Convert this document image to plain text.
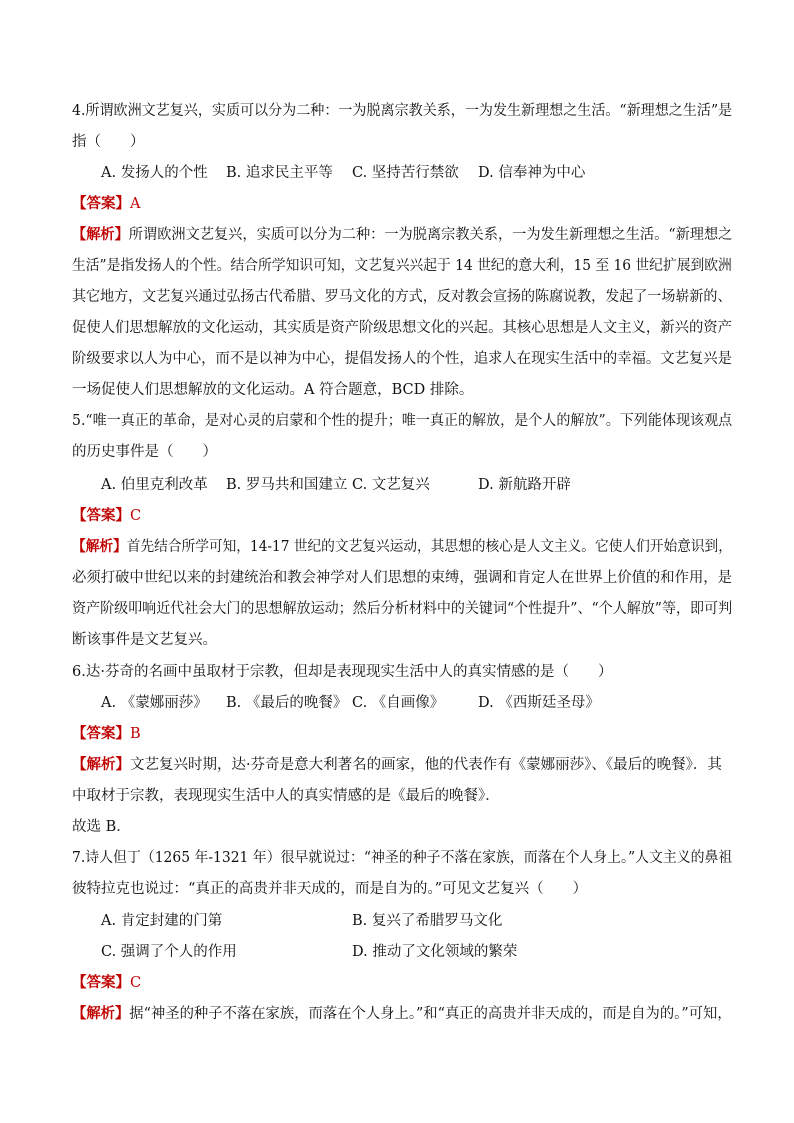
4.所谓欧洲文艺复兴，实质可以分为二种：一为脱离宗教关系，一为发生新理想之生活。“新理想之生活”是
指（　　）
A. 发扬人的个性 B. 追求民主平等 C. 坚持苦行禁欲 D. 信奉神为中心
【答案】A
【解析】所谓欧洲文艺复兴，实质可以分为二种：一为脱离宗教关系，一为发生新理想之生活。“新理想之
生活”是指发扬人的个性。结合所学知识可知，文艺复兴兴起于 14 世纪的意大利，15 至 16 世纪扩展到欧洲
其它地方，文艺复兴通过弘扬古代希腊、罗马文化的方式，反对教会宣扬的陈腐说教，发起了一场崭新的、
促使人们思想解放的文化运动，其实质是资产阶级思想文化的兴起。其核心思想是人文主义，新兴的资产
阶级要求以人为中心，而不是以神为中心，提倡发扬人的个性，追求人在现实生活中的幸福。文艺复兴是
一场促使人们思想解放的文化运动。A 符合题意，BCD 排除。
5.“唯一真正的革命，是对心灵的启蒙和个性的提升；唯一真正的解放，是个人的解放”。下列能体现该观点
的历史事件是（　　）
A. 伯里克利改革 B. 罗马共和国建立 C. 文艺复兴	D. 新航路开辟
【答案】C
【解析】首先结合所学可知，14-17 世纪的文艺复兴运动，其思想的核心是人文主义。它使人们开始意识到，
必须打破中世纪以来的封建统治和教会神学对人们思想的束缚，强调和肯定人在世界上价值的和作用，是
资产阶级叩响近代社会大门的思想解放运动；然后分析材料中的关键词“个性提升”、“个人解放”等，即可判
断该事件是文艺复兴。
6.达·芬奇的名画中虽取材于宗教，但却是表现现实生活中人的真实情感的是（　　）
A. 《蒙娜丽莎》 B. 《最后的晚餐》 C. 《自画像》 D. 《西斯廷圣母》
【答案】B
【解析】文艺复兴时期，达·芬奇是意大利著名的画家，他的代表作有《蒙娜丽莎》、《最后的晚餐》．其
中取材于宗教，表现现实生活中人的真实情感的是《最后的晚餐》．
故选 B．
7.诗人但丁（1265 年-1321 年）很早就说过：“神圣的种子不落在家族，而落在个人身上。”人文主义的鼻祖
彼特拉克也说过：“真正的高贵并非天成的，而是自为的。”可见文艺复兴（　　）
A. 肯定封建的门第	B. 复兴了希腊罗马文化
C. 强调了个人的作用	D. 推动了文化领域的繁荣
【答案】C
【解析】据“神圣的种子不落在家族，而落在个人身上。”和“真正的高贵并非天成的，而是自为的。”可知，
